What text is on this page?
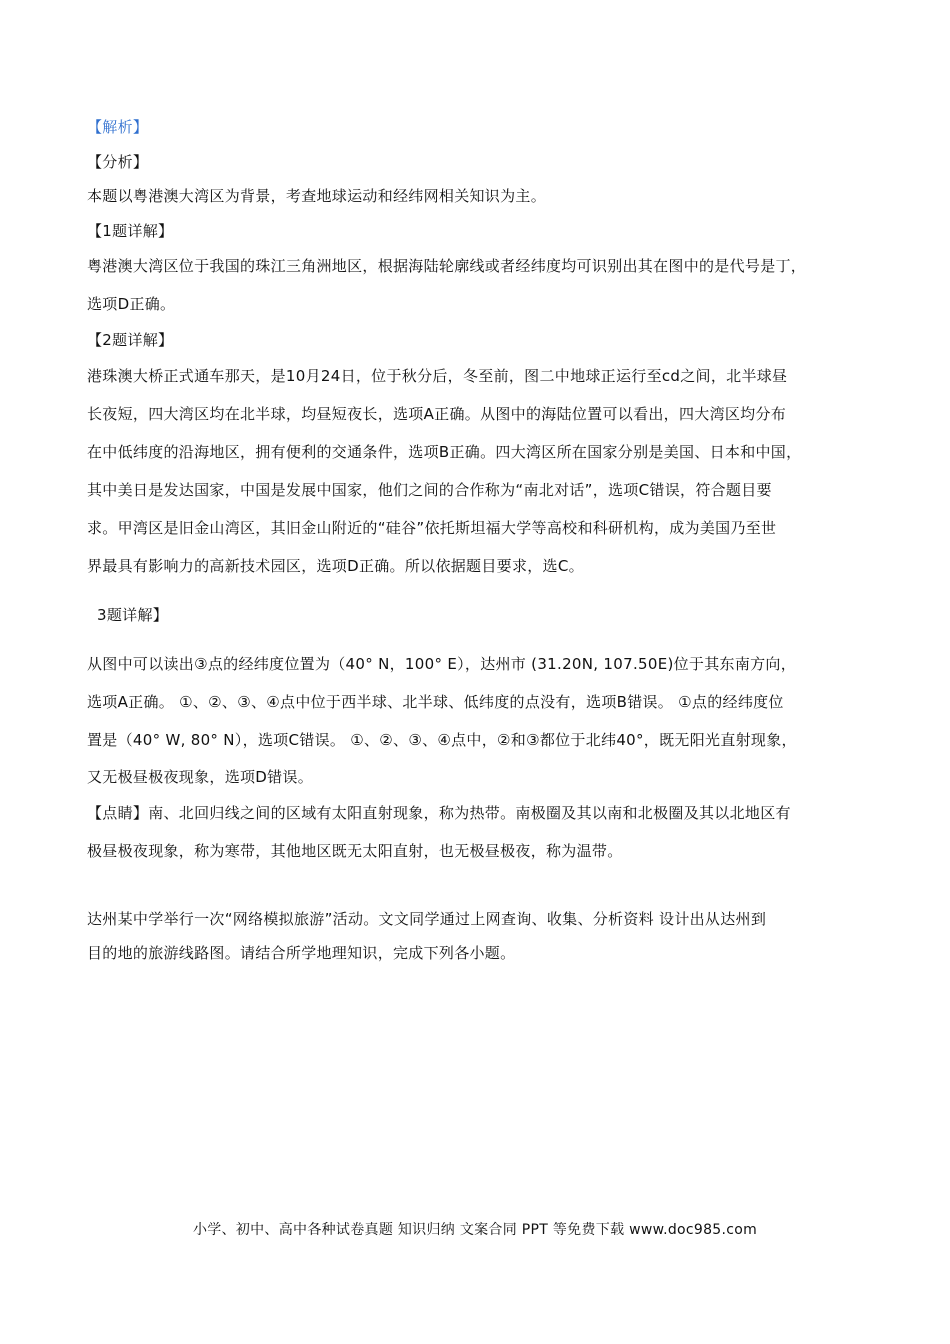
【解析】
【分析】
本题以粤港澳大湾区为背景，考查地球运动和经纬网相关知识为主。
【1题详解】
粤港澳大湾区位于我国的珠江三角洲地区，根据海陆轮廓线或者经纬度均可识别出其在图中的是代号是丁，
选项D正确。
【2题详解】
港珠澳大桥正式通车那天，是10月24日，位于秋分后，冬至前，图二中地球正运行至cd之间，北半球昼
长夜短，四大湾区均在北半球，均昼短夜长，选项A正确。从图中的海陆位置可以看出，四大湾区均分布
在中低纬度的沿海地区，拥有便利的交通条件，选项B正确。四大湾区所在国家分别是美国、日本和中国，
其中美日是发达国家，中国是发展中国家，他们之间的合作称为“南北对话”，选项C错误，符合题目要
求。甲湾区是旧金山湾区，其旧金山附近的“硅谷”依托斯坦福大学等高校和科研机构，成为美国乃至世
界最具有影响力的高新技术园区，选项D正确。所以依据题目要求，选C。
3题详解】
从图中可以读出③点的经纬度位置为（40° N，100° E），达州市 (31.20N, 107.50E)位于其东南方向，
选项A正确。 ①、②、③、④点中位于西半球、北半球、低纬度的点没有，选项B错误。 ①点的经纬度位
置是（40° W, 80° N），选项C错误。 ①、②、③、④点中，②和③都位于北纬40°，既无阳光直射现象，
又无极昼极夜现象，选项D错误。
【点睛】南、北回归线之间的区域有太阳直射现象，称为热带。南极圈及其以南和北极圈及其以北地区有
极昼极夜现象，称为寒带，其他地区既无太阳直射，也无极昼极夜，称为温带。
达州某中学举行一次“网络模拟旅游”活动。文文同学通过上网查询、收集、分析资料 设计出从达州到
目的地的旅游线路图。请结合所学地理知识，完成下列各小题。
小学、初中、高中各种试卷真题 知识归纳 文案合同 PPT 等免费下载 www.doc985.com
